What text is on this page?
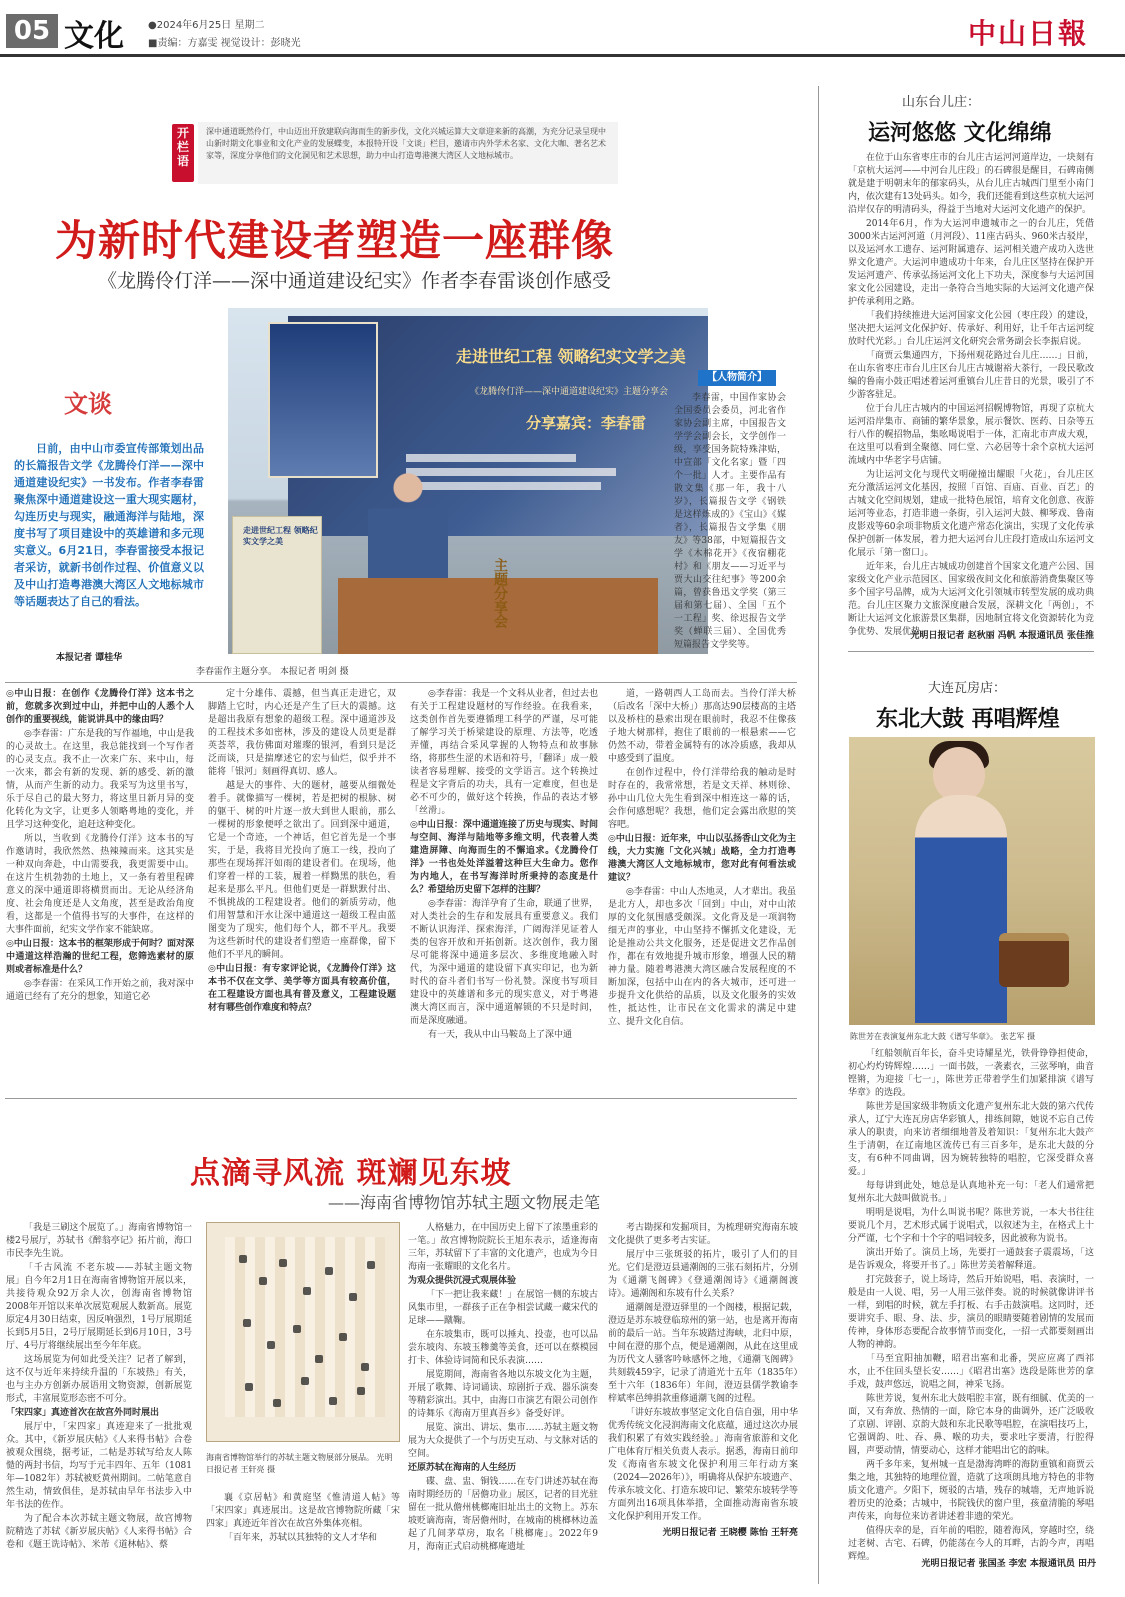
05 文化 ●2024年6月25日 星期二
■责编：方嘉雯 视觉设计：彭晓光	中山日報
开栏语
深中通道既然伶仃，中山迈出开放建联向海而生的新步伐，文化兴城运算大文章迎来新的高潮，为充分记录呈现中山新时期文化事业和文化产业的发展蝶变，本报特开设「文谈」栏目，邀请市内外学术名家、文化大咖、著名艺术家等，深度分享他们的文化洞见和艺术思想，助力中山打造粤港澳大湾区人文地标城市。
为新时代建设者塑造一座群像
《龙腾伶仃洋——深中通道建设纪实》作者李春雷谈创作感受
文谈
日前，由中山市委宣传部策划出品的长篇报告文学《龙腾伶仃洋——深中通道建设纪实》一书发布。作者李春雷聚焦深中通道建设这一重大现实题材，勾连历史与现实，融通海洋与陆地，深度书写了项目建设中的英雄谱和多元现实意义。6月21日，李春雷接受本报记者采访，就新书创作过程、价值意义以及中山打造粤港澳大湾区人文地标城市等话题表达了自己的看法。
本报记者 谭桂华
走进世纪工程 领略纪实文学之美
《龙腾伶仃洋——深中通道建设纪实》主题分享会
分享嘉宾：李春雷
走进世纪工程 领略纪实文学之美
主题分享会
李春雷作主题分享。 本报记者 明剑 摄
【人物简介】
李春雷，中国作家协会全国委员会委员，河北省作家协会副主席，中国报告文学学会副会长，文学创作一级，享受国务院特殊津贴，中宣部「文化名家」暨「四个一批」人才。主要作品有散文集《那一年，我十八岁》，长篇报告文学《钢铁是这样炼成的》《宝山》《媒者》，长篇报告文学集《朋友》等38部，中短篇报告文学《木棉花开》《夜宿棚花村》和《朋友——习近平与贾大山交往纪事》等200余篇，曾获鲁迅文学奖（第三届和第七届）、全国「五个一工程」奖、徐迟报告文学奖（蝉联三届）、全国优秀短篇报告文学奖等。

◎中山日报：在创作《龙腾伶仃洋》这本书之前，您就多次到过中山，并把中山的人悉个人创作的重要视线，能说讲具中的缘由吗？

◎李春雷：广东是我的写作福地，中山是我的心灵故土。在这里，我总能找到一个写作者的心灵支点。我不止一次来广东、来中山，每一次来，都会有新的发现、新的感受、新的激情，从而产生新的动力。我采写为这里书写，乐于尽自己的最大努力，将这里日新月异的变化转化为文字，让更多人领略粤地的变化，并且学习这种变化，追赶这种变化。

所以，当收到《龙腾伶仃洋》这本书的写作邀请时，我欣然然、热辣辣而来。这其实是一种双向奔赴，中山需要我，我更需要中山。在这片生机勃勃的土地上，又一条有着里程碑意义的深中通道即将横贯而出。无论从经济角度、社会角度还是人文角度，甚至是政治角度看，这都是一个值得书写的大事件，在这样的大事件面前，纪实文学作家不能缺席。

◎中山日报：这本书的框架形成于何时？面对深中通道这样浩瀚的世纪工程，您筛选素材的原则或者标准是什么？

◎李春雷：在采风工作开始之前，我对深中通道已经有了充分的想象，知道它必

定十分雄伟、震撼，但当真正走进它，双脚踏上它时，内心还是产生了巨大的震撼。这是超出我原有想象的超级工程。深中通道涉及的工程技术多如密林，涉及的建设人员更是群英荟萃，我仿佛面对璀璨的银河，看到只是泛泛而谈，只是揣摩述它的宏与仙烂，似乎并不能将「银河」刻画得真切、感人。

越是大的事件、大的题材，越要从细微处着手。就像描写一棵树，若是把树的根脉、树的躯干、树的叶片逐一放大到世人眼前，那么一棵树的形象便呼之欲出了。回到深中通道，它是一个奇迹，一个神话，但它首先是一个事实，于是，我将目光投向了施工一线，投向了那些在现场挥汗如雨的建设者们。在现场，他们穿着一样的工装，履着一样黝黑的肤色，看起来是那么平凡。但他们更是一群默默付出、不惧挑战的工程建设者。他们的新质劳动，他们用智慧和汗水让深中通道这一超级工程由蓝图变为了现实，他们每个人，都不平凡。我要为这些新时代的建设者们塑造一座群像，留下他们不平凡的瞬间。

◎中山日报：有专家评论说，《龙腾伶仃洋》这本书不仅在文学、美学等方面具有较高价值，在工程建设方面也具有普及意义，工程建设题材有哪些创作难度和特点？

◎李春雷：我是一个文科从业者，但过去也有关于工程建设题材的写作经验。在我看来，这类创作首先要遵循理工科学的严谨，尽可能了解学习关于桥梁建设的原理、方法等，吃透弄懂，再结合采风掌握的人物特点和故事脉络，将那些生涩的术语和符号，「翻译」成一般读者容易理解、接受的文学语言。这个转换过程是文字背后的功夫，具有一定难度，但也是必不可少的，做好这个转换，作品的表达才够「丝滑」。

◎中山日报：深中通道连接了历史与现实、时间与空间、海洋与陆地等多维文明，代表着人类建造屏障、向海而生的不懈追求。《龙腾伶仃洋》一书也处处洋溢着这种巨大生命力。您作为内地人，在书写海洋时所秉持的态度是什么？希望给历史留下怎样的注脚？

◎李春雷：海洋孕育了生命，联通了世界，对人类社会的生存和发展具有重要意义。我们不断认识海洋、探索海洋，广阔海洋见证着人类的包容开放和开拓创新。这次创作，我力图尽可能将深中通道多层次、多维度地融入时代，为深中通道的建设留下真实印记，也为新时代的奋斗者们书写一份礼赞。深度书写项目建设中的英雄谱和多元的现实意义，对于粤港澳大湾区而言，深中通道解锁的不只是时间，而是深度融通。

有一天，我从中山马鞍岛上了深中通

道，一路朝西人工岛而去。当伶仃洋大桥（后改名「深中大桥」）那高达90层楼高的主塔以及桥柱的悬索出现在眼前时，我忍不住像孩子地大树那样，抱住了眼前的一根悬索——它仍然不动，带着金属特有的冰冷质感，我却从中感受到了温度。

在创作过程中，伶仃洋带给我的触动是时时存在的，我常常想，若是文天祥、林则徐、孙中山几位大先生看到深中相连这一幕的话，会作何感想呢？我想，他们定会露出欣慰的笑容吧。

◎中山日报：近年来，中山以弘扬香山文化为主线，大力实施「文化兴城」战略，全力打造粤港澳大湾区人文地标城市，您对此有何看法或建议？

◎李春雷：中山人杰地灵，人才辈出。我虽是北方人，却也多次「回到」中山，对中山浓厚的文化氛围感受颇深。文化背及是一项润物细无声的事业，中山坚持不懈抓文化建设，无论是推动公共文化服务，还是促进文艺作品创作，都在有效地提升城市形象，增强人民的精神力量。随着粤港澳大湾区融合发展程度的不断加深，包括中山在内的各大城市，还可进一步提升文化供给的品质，以及文化服务的实效性，抵达性，让市民在文化需求的满足中建立、提升文化自信。

点滴寻风流 斑斓见东坡
——海南省博物馆苏轼主题文物展走笔

「我是三刷这个展览了。」海南省博物馆一楼2号展厅，苏轼书《醉翁亭记》拓片前，海口市民李先生说。

「千古风流 不老东坡——苏轼主题文物展」自今年2月1日在海南省博物馆开展以来，共接待观众92万余人次，创海南省博物馆2008年开馆以来单次展览观展人数新高。展览原定4月30日结束，因反响强烈，1号厅展期延长到5月5日，2号厅展期延长到6月10日，3号厅、4号厅将继续展出至今年年底。

这场展览为何如此受关注？记者了解到，这不仅与近年来持续升温的「东坡热」有关，也与主办方创新办展语用文物资源，创新展览形式，丰富展览形态密不可分。

「宋四家」真迹首次在故宫外同时展出

展厅中，「宋四家」真迹迎来了一批批观众。其中，《新岁展庆帖》《人来得书帖》合卷被观众围绕，据考证，二帖是苏轼写给友人陈慥的两封书信，均写于元丰四年、五年（1081年—1082年）苏轼被贬黄州期间。二帖笔意自然生动，情致俱佳，是苏轼由早年书法步入中年书法的佐作。

为了配合本次苏轼主题文物展，故宫博物院精选了苏轼《新岁展庆帖》《人来得书帖》合卷和《题王诜诗帖》、米芾《道林帖》、蔡

海南省博物馆举行的苏轼主题文物展部分展品。 光明日报记者 王轩亮 摄

襄《京居帖》和黄庭坚《惟清道人帖》等「宋四家」真迹展出。这是故宫博物院所藏「宋四家」真迹近年首次在故宫外集体亮相。

「百年来，苏轼以其独特的文人才华和

人格魅力，在中国历史上留下了浓墨重彩的一笔。」故宫博物院院长王旭东表示，适逢海南三年，苏轼留下了丰富的文化遗产，也成为今日海南一张耀眼的文化名片。

为观众提供沉浸式观展体验

「下一把让我来藏！」在展馆一侧的东坡古风集市里，一群孩子正在争相尝试藏一藏宋代的足球——蹴鞠。

在东坡集市，既可以捶丸、投壶，也可以品尝东坡肉、东坡玉糁羹等美食，还可以在蔡模园打卡、体验诗词简和民乐表演……

展览期间，海南省各地以东坡文化为主题，开展了歌舞、诗词诵读、琼剧折子戏、器乐演奏等精彩演出。其中，由海口市演艺有限公司创作的诗舞乐《海南万里真吾乡》备受好评。

展览、演出、讲坛、集市……苏轼主题文物展为大众提供了一个与历史互动、与文脉对话的空间。

还原苏轼在海南的人生经历

碟、盘、盅、铜钱……在专门讲述苏轼在海南时期经历的「居儋功业」展区，记者的目光驻留在一批从儋州桃榔庵旧址出土的文物上。苏东坡贬谪海南，寄居儋州时，在城南的桃榔林边盖起了几间茅草房，取名「桃榔庵」。2022年9月，海南正式启动桃榔庵遗址

考古勘探和发掘项目，为梳理研究海南东坡文化提供了更多考古实证。

展厅中三张斑驳的拓片，吸引了人们的目光。它们是澄迈县通潮阁的三张石刻拓片，分别为《通潮飞阁碑》《登通潮阁诗》《通潮阁渡诗》。通潮阁和东坡有什么关系？

通潮阁是澄迈驿里的一个阁楼，根据记载，澄迈是苏东坡登临琼州的第一站，也是离开海南前的最后一站。当年东坡踏过海峡，北归中原，中间在澄的那个点，便是通潮阁，从此在这里成为历代文人骚客吟咏感怀之地，《通潮飞阁碑》共刻载459字，记录了清道光十五年（1835年）至十六年（1836年）年间，澄迈县儒学教谕李梓斌率邑绅捐款重修通潮飞阁的过程。

「讲好东坡故事坚定文化自信自强，用中华优秀传统文化浸润海南文化底蕴，通过这次办展我们积累了有效实践经验。」海南省旅游和文化广电体育厅相关负责人表示。据悉，海南日前印发《海南省东坡文化保护利用三年行动方案（2024—2026年）》，明确将从保护东坡遗产、传承东坡文化、打造东坡印记、繁荣东坡转学等方面列出16项具体举措，全面推动海南省东坡文化保护利用开发工作。

光明日报记者 王晓樱 陈怡 王轩亮

山东台儿庄：
运河悠悠 文化绵绵

在位于山东省枣庄市的台儿庄古运河河道岸边，一块刻有「京杭大运河——中河台儿庄段」的石碑很是醒目，石碑南侧就是建于明朝末年的郁家码头，从台儿庄古城西门里至小南门内，依次建有13处码头。如今，我们还能看到这些京杭大运河沿岸仅存的明清码头，得益于当地对大运河文化遗产的保护。

2014年6月，作为大运河申遗城市之一的台儿庄，凭借3000米古运河河道（月河段）、11座古码头、960米古驳岸，以及运河水工遗存、运河附属遗存、运河相关遗产成功入选世界文化遗产。大运河申遗成功十年来，台儿庄区坚持在保护开发运河遗产、传承弘扬运河文化上下功夫，深度参与大运河国家文化公园建设，走出一条符合当地实际的大运河文化遗产保护传承利用之路。

「我们持续推进大运河国家文化公园（枣庄段）的建设，坚决把大运河文化保护好、传承好、利用好，让千年古运河绽放时代光彩。」台儿庄运河文化研究会常务副会长李振启说。

「商贾云集通四方，下扬州观花路过台儿庄……」日前，在山东省枣庄市台儿庄区台儿庄古城谢裕大茶行，一段民歌改编的鲁南小鼓正唱述着运河重镇台儿庄昔日的光景，吸引了不少游客驻足。

位于台儿庄古城内的中国运河招幌博物馆，再现了京杭大运河沿岸集市、商铺的繁华景象，展示餐饮、医药、日杂等五行八作的幌招物品，集吆喝说唱于一体，汇南北市声成大观，在这里可以看到全聚德、同仁堂、六必居等十余个京杭大运河流域内中华老字号店铺。

为让运河文化与现代文明碰撞出耀眼「火花」，台儿庄区充分激活运河文化基因，按照「百馆、百庙、百业、百艺」的古城文化空间规划，建成一批特色展馆，培育文化创意、夜游运河等业态，打造非遗一条街，引入运河大鼓、柳琴戏、鲁南皮影戏等60余项非物质文化遗产常态化演出，实现了文化传承保护创新一体发展，着力把大运河台儿庄段打造成山东运河文化展示「第一窗口」。

近年来，台儿庄古城成功创建首个国家文化遗产公园、国家级文化产业示范园区、国家级夜间文化和旅游消费集聚区等多个国字号品牌，成为大运河文化引领城市转型发展的成功典范。台儿庄区聚力文旅深度融合发展，深耕文化「两创」，不断让大运河文化旅游景区集群，因地制宜将文化资源转化为竞争优势、发展优势。

光明日报记者 赵秋丽 冯帆 本报通讯员 张佳推
大连瓦房店：
东北大鼓 再唱辉煌
陈世芳在表演复州东北大鼓《谱写华章》。 张艺军 摄

「红船领航百年长，奋斗史诗耀星光，铁骨铮铮担使命，初心灼灼铸辉煌……」一面书鼓，一袭素衣，三弦琴响，曲音铿锵，为迎接「七一」，陈世芳正带着学生们加紧排演《谱写华章》的选段。

陈世芳是国家级非物质文化遗产复州东北大鼓的第六代传承人，辽宁大连瓦房店华彩镇人，排练间隙，她说不忘自己传承人的职责，向来访者细细地普及着知识：「复州东北大鼓产生于清朝，在辽南地区流传已有三百多年，是东北大鼓的分支，有6种不同曲调，因为婉转独特的唱腔，它深受群众喜爱。」

每每讲到此处，她总是认真地补充一句：「老人们通常把复州东北大鼓叫做说书。」

明明是说唱，为什么叫说书呢？陈世芳说，一本大书往往要说几个月，艺术形式属于说唱式，以叙述为主，在格式上十分严谨，七个字和十个字的唱词较多，因此被称为说书。

演出开始了。演员上场，先要打一通鼓套子震震场，「这是告诉观众，将要开书了。」陈世芳美着解释道。

打完鼓套子，说上场诗，然后开始说唱，唱、表演时，一般是由一人说、唱，另一人用三弦伴奏。说的时候就像讲评书一样，到唱的时候，就左手打板、右手击鼓演唱。这同时，还要讲究手、眼、身、法、步，演员的眼睛要随着剧情的发展而传神，身体形态要配合故事情节而变化，一招一式都要刻画出人物的神韵。

「马至宜阳抽加鞭，昭君出塞和北番，哭应应离了西祁水，止不住回头望长安……」《昭君出塞》选段是陈世芳的拿手戏，鼓声悠远，说唱之间，神采飞扬。

陈世芳说，复州东北大鼓唱腔丰富，既有细腻、优美的一面，又有奔放、热情的一面，除它本身的曲调外，还广泛吸收了京剧、评剧、京韵大鼓和东北民歌等唱腔，在演唱技巧上，它强调韵、吐、吞、鼻、喉的功夫，要求吐字要清，行腔得圆，声要动情，情要动心，这样才能唱出它的韵味。

两千多年来，复州城一直是渤海湾畔的海防重镇和商贾云集之地，其独特的地理位置，造就了这项朗具地方特色的非物质文化遗产。夕阳下，斑驳的古墙，残存的城墙，无声地诉说着历史的沧桑；古城中，书院钱伏的窗户里，孩童清脆的琴唱声传来，向每位来访者讲述着非遗的荣光。

值得庆幸的是，百年前的唱腔，随着海风，穿越时空，绕过老树、古宅、石碑，仍能荡在今人的耳畔，古韵今声，再唱辉煌。

光明日报记者 张国圣 李宏 本报通讯员 田丹
